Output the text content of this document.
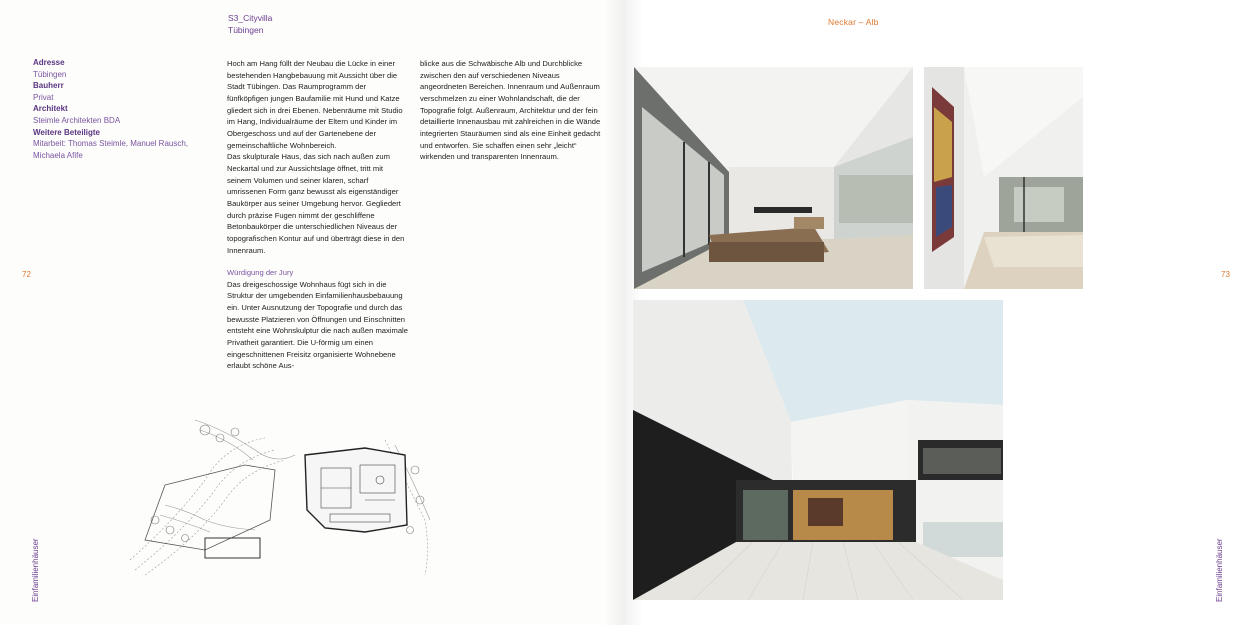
S3_Cityvilla
Tübingen
Adresse
Tübingen
Bauherr
Privat
Architekt
Steimle Architekten BDA
Weitere Beteiligte
Mitarbeit: Thomas Steimle, Manuel Rausch, Michaela Afife

Hoch am Hang füllt der Neubau die Lücke in einer bestehenden Hangbebauung mit Aussicht über die Stadt Tübingen. Das Raumprogramm der fünfköpfigen jungen Baufamilie mit Hund und Katze gliedert sich in drei Ebenen. Nebenräume mit Studio im Hang, Individualräume der Eltern und Kinder im Obergeschoss und auf der Gartenebene der gemeinschaftliche Wohnbereich.

Das skulpturale Haus, das sich nach außen zum Neckartal und zur Aussichtslage öffnet, tritt mit seinem Volumen und seiner klaren, scharf umrissenen Form ganz bewusst als eigenständiger Baukörper aus seiner Umgebung hervor. Gegliedert durch präzise Fugen nimmt der geschliffene Betonbaukörper die unterschiedlichen Niveaus der topografischen Kontur auf und überträgt diese in den Innenraum.

Würdigung der Jury

Das dreigeschossige Wohnhaus fügt sich in die Struktur der umgebenden Einfamilienhausbebauung ein. Unter Ausnutzung der Topografie und durch das bewusste Platzieren von Öffnungen und Einschnitten entsteht eine Wohnskulptur die nach außen maximale Privatheit garantiert. Die U-förmig um einen eingeschnittenen Freisitz organisierte Wohnebene erlaubt schöne Aus-

blicke aus die Schwäbische Alb und Durchblicke zwischen den auf verschiedenen Niveaus angeordneten Bereichen. Innenraum und Außenraum verschmelzen zu einer Wohnlandschaft, die der Topografie folgt. Außenraum, Architektur und der fein detaillierte Innenausbau mit zahlreichen in die Wände integrierten Stauräumen sind als eine Einheit gedacht und entworfen. Sie schaffen einen sehr „leicht“ wirkenden und transparenten Innenraum.

72	73
Einfamilienhäuser	Einfamilienhäuser
Neckar – Alb
